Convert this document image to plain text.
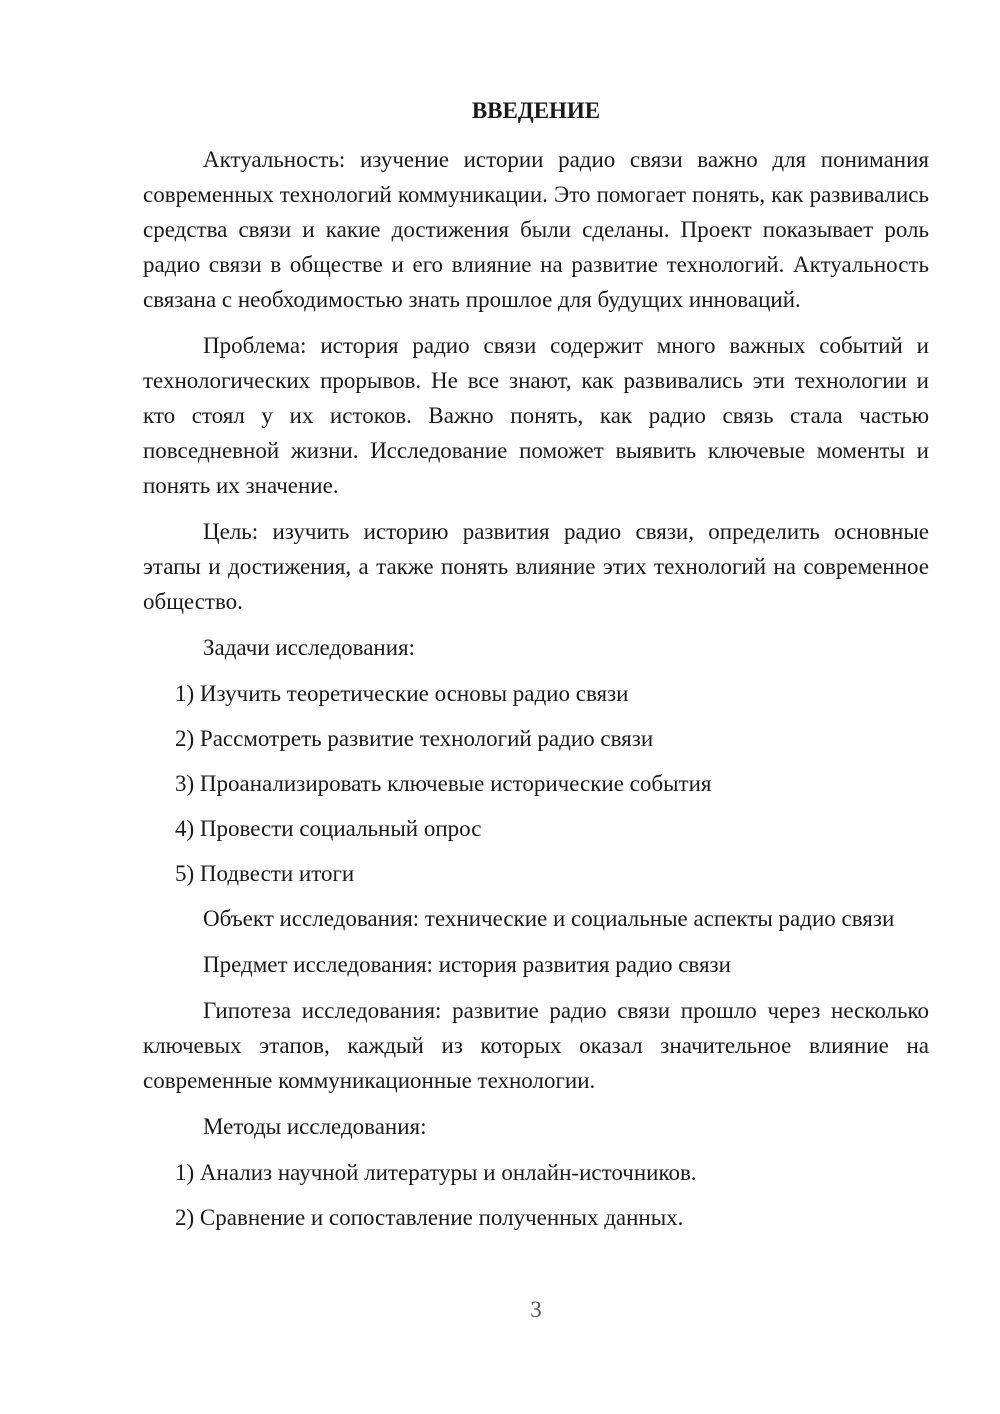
ВВЕДЕНИЕ

Актуальность: изучение истории радио связи важно для понимания современных технологий коммуникации. Это помогает понять, как развивались средства связи и какие достижения были сделаны. Проект показывает роль радио связи в обществе и его влияние на развитие технологий. Актуальность связана с необходимостью знать прошлое для будущих инноваций.

Проблема: история радио связи содержит много важных событий и технологических прорывов. Не все знают, как развивались эти технологии и кто стоял у их истоков. Важно понять, как радио связь стала частью повседневной жизни. Исследование поможет выявить ключевые моменты и понять их значение.

Цель: изучить историю развития радио связи, определить основные этапы и достижения, а также понять влияние этих технологий на современное общество.

Задачи исследования:

1) Изучить теоретические основы радио связи
2) Рассмотреть развитие технологий радио связи
3) Проанализировать ключевые исторические события
4) Провести социальный опрос
5) Подвести итоги

Объект исследования: технические и социальные аспекты радио связи

Предмет исследования: история развития радио связи

Гипотеза исследования: развитие радио связи прошло через несколько ключевых этапов, каждый из которых оказал значительное влияние на современные коммуникационные технологии.

Методы исследования:

1) Анализ научной литературы и онлайн-источников.
2) Сравнение и сопоставление полученных данных.
3
